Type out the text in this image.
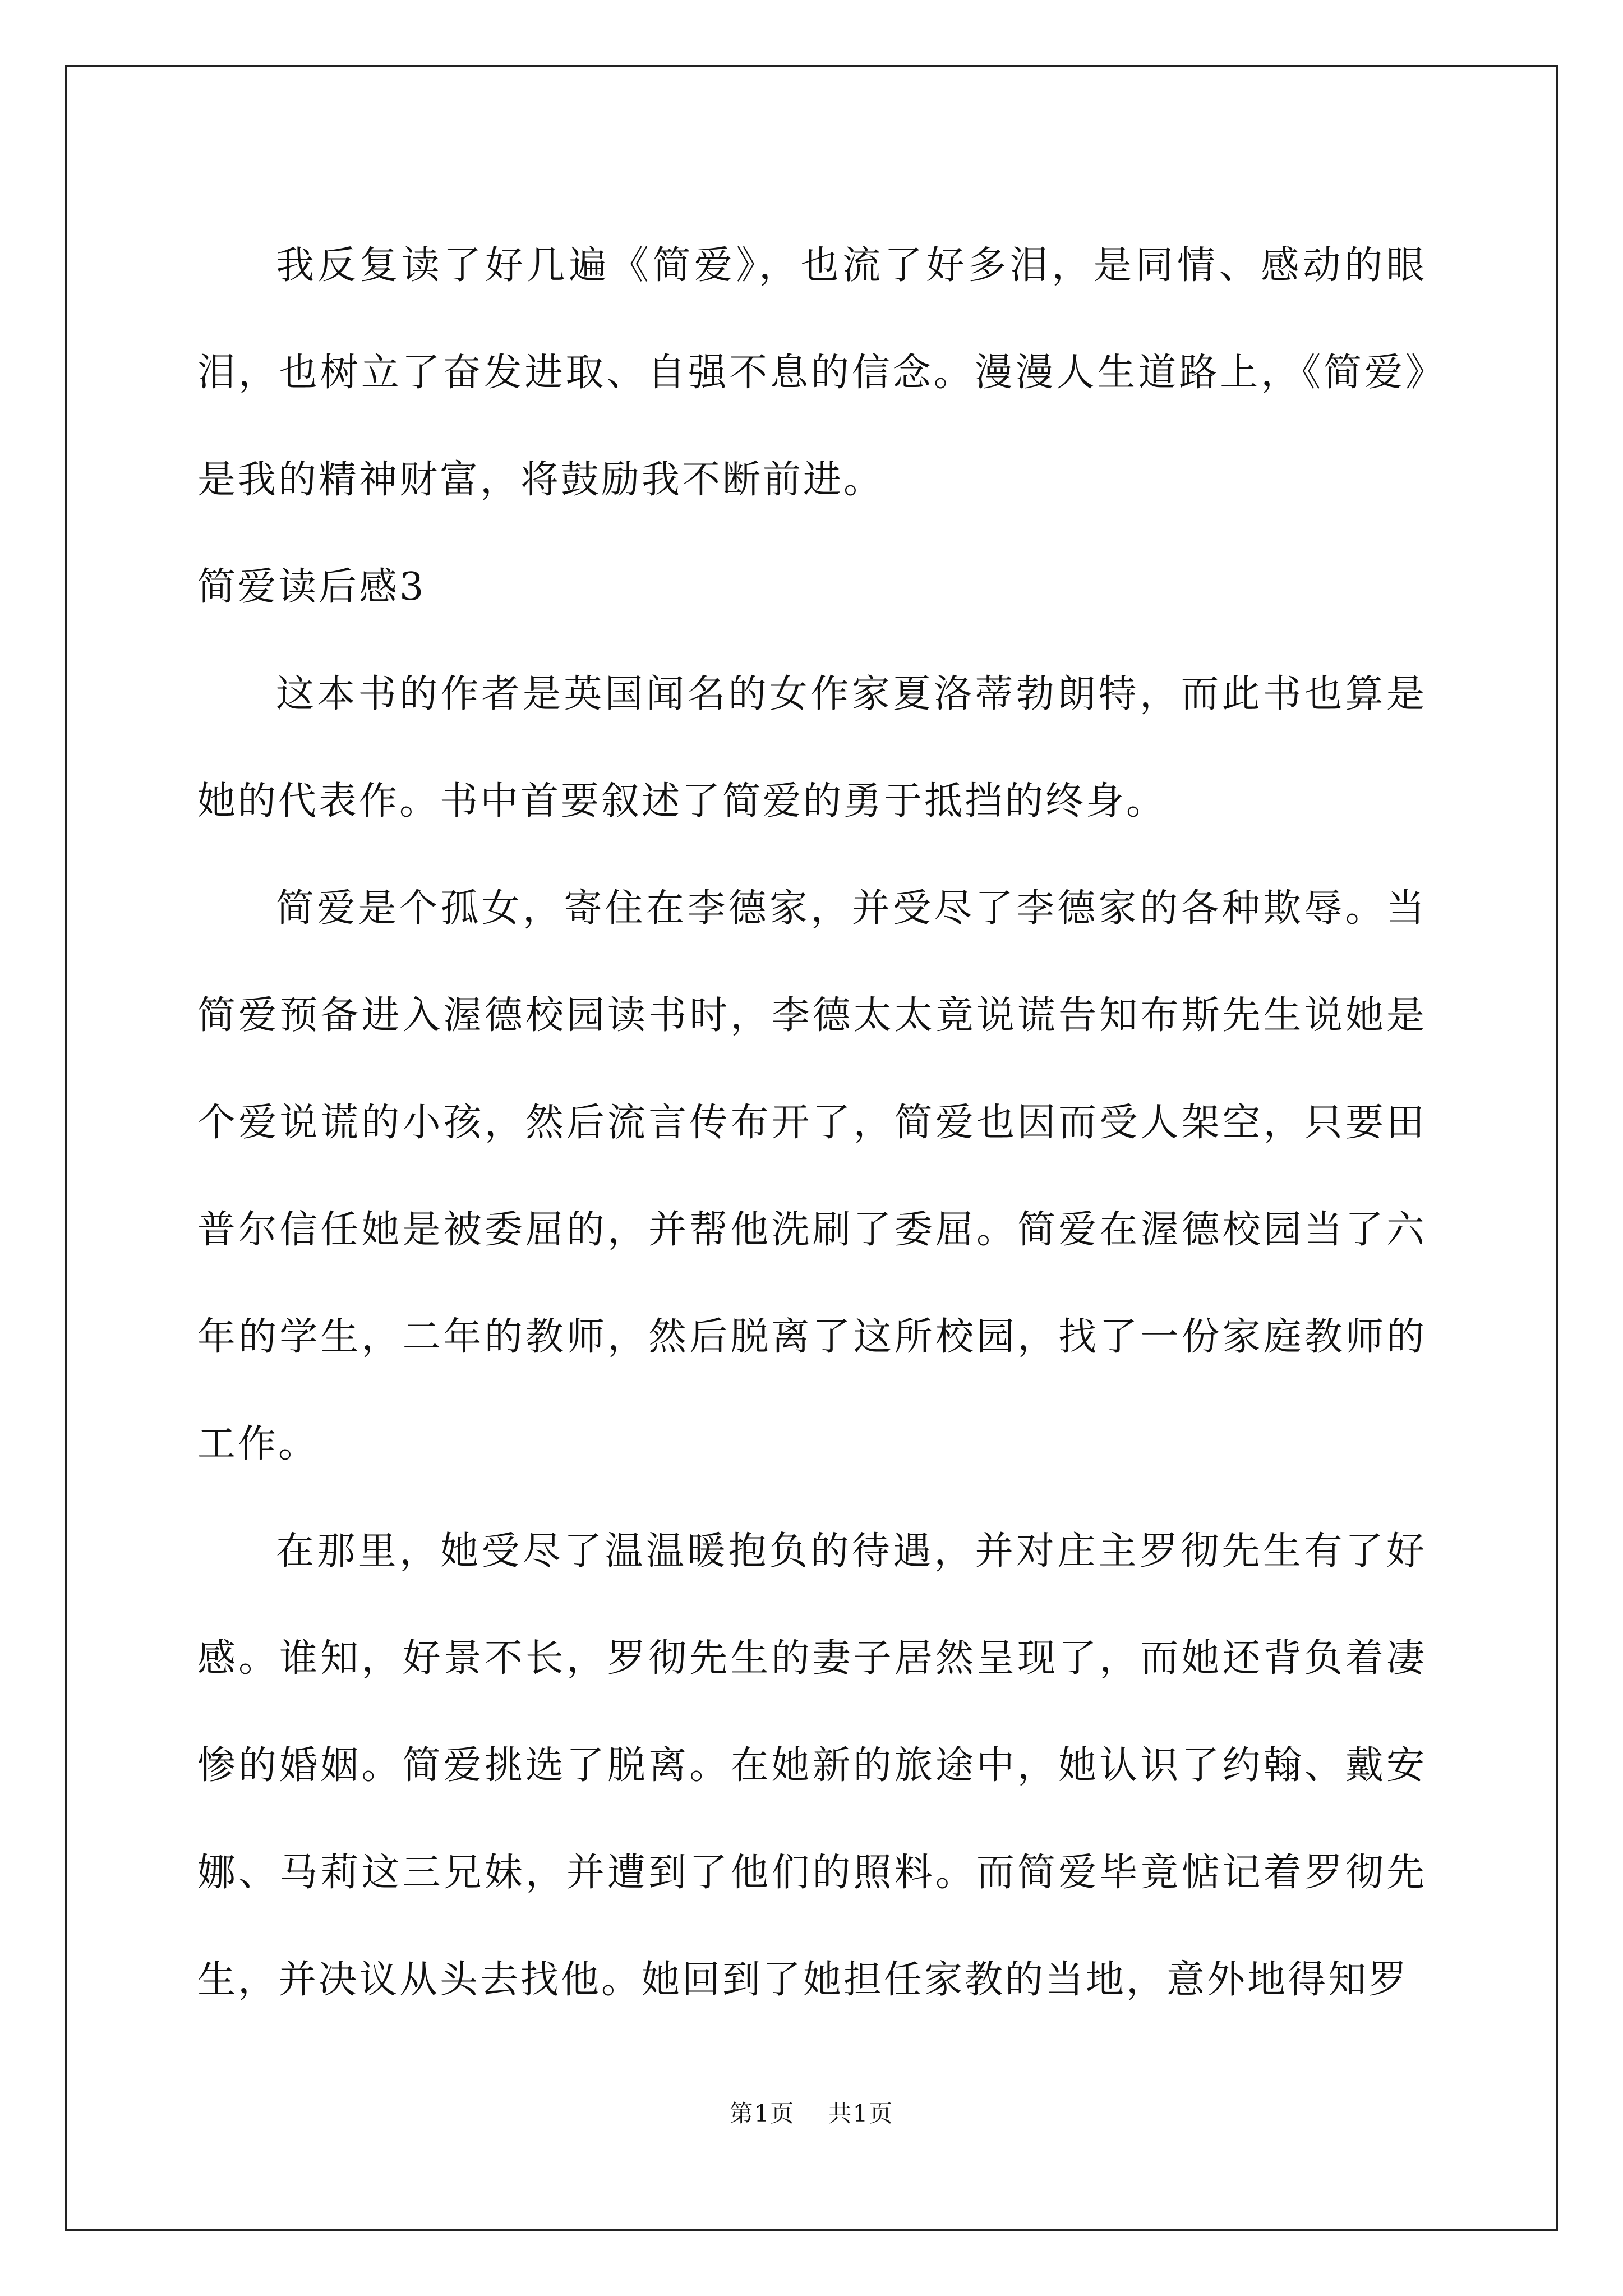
我反复读了好几遍《简爱》，也流了好多泪，是同情、感动的眼泪，也树立了奋发进取、自强不息的信念。漫漫人生道路上，《简爱》是我的精神财富，将鼓励我不断前进。

简爱读后感3

这本书的作者是英国闻名的女作家夏洛蒂勃朗特，而此书也算是她的代表作。书中首要叙述了简爱的勇于抵挡的终身。

简爱是个孤女，寄住在李德家，并受尽了李德家的各种欺辱。当简爱预备进入渥德校园读书时，李德太太竟说谎告知布斯先生说她是个爱说谎的小孩，然后流言传布开了，简爱也因而受人架空，只要田普尔信任她是被委屈的，并帮他洗刷了委屈。简爱在渥德校园当了六年的学生，二年的教师，然后脱离了这所校园，找了一份家庭教师的工作。

在那里，她受尽了温温暖抱负的待遇，并对庄主罗彻先生有了好感。谁知，好景不长，罗彻先生的妻子居然呈现了，而她还背负着凄惨的婚姻。简爱挑选了脱离。在她新的旅途中，她认识了约翰、戴安娜、马莉这三兄妹，并遭到了他们的照料。而简爱毕竟惦记着罗彻先生，并决议从头去找他。她回到了她担任家教的当地，意外地得知罗

第1页 共1页
